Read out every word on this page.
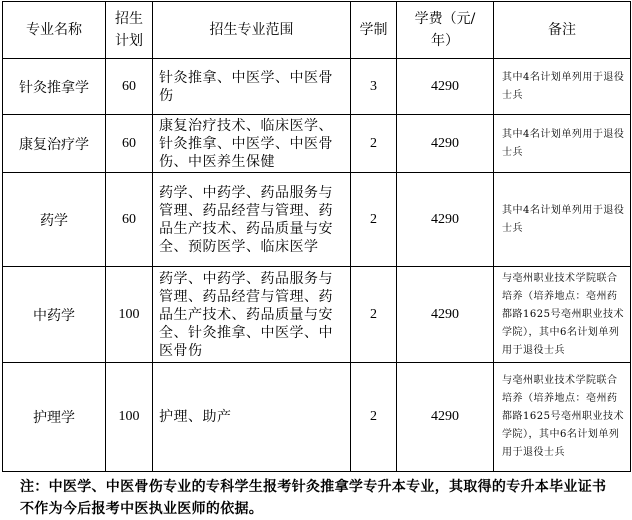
专业名称	招生计划	招生专业范围	学制	学费（元/年）	备注
针灸推拿学	60	针灸推拿、中医学、中医骨伤	3	4290	其中4名计划单列用于退役士兵
康复治疗学	60	康复治疗技术、临床医学、针灸推拿、中医学、中医骨伤、中医养生保健	2	4290	其中4名计划单列用于退役士兵
药学	60	药学、中药学、药品服务与管理、药品经营与管理、药品生产技术、药品质量与安全、预防医学、临床医学	2	4290	其中4名计划单列用于退役士兵
中药学	100	药学、中药学、药品服务与管理、药品经营与管理、药品生产技术、药品质量与安全、针灸推拿、中医学、中医骨伤	2	4290	与亳州职业技术学院联合培养（培养地点：亳州药都路1625号亳州职业技术学院），其中6名计划单列用于退役士兵
护理学	100	护理、助产	2	4290	与亳州职业技术学院联合培养（培养地点：亳州药都路1625号亳州职业技术学院），其中6名计划单列用于退役士兵
注：中医学、中医骨伤专业的专科学生报考针灸推拿学专升本专业，其取得的专升本毕业证书不作为今后报考中医执业医师的依据。
